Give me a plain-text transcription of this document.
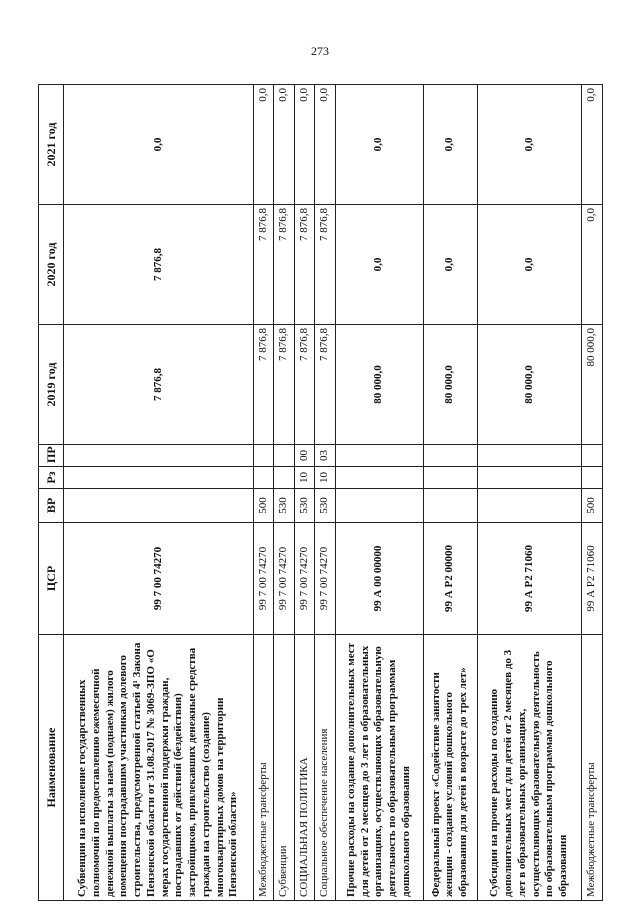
273
Наименование	ЦСР	ВР	Рз	ПР	2019 год	2020 год	2021 год
Субвенции на исполнение государственных полномочий по предоставлению ежемесячной денежной выплаты за наем (поднаем) жилого помещения пострадавшим участникам долевого строительства, предусмотренной статьей 4¹ Закона Пензенской области от 31.08.2017 № 3069-ЗПО «О мерах государственной поддержки граждан, пострадавших от действий (бездействия) застройщиков, привлекавших денежные средства граждан на строительство (создание) многоквартирных домов на территории Пензенской области»	99 7 00 74270				7 876,8	7 876,8	0,0
Межбюджетные трансферты	99 7 00 74270	500			7 876,8	7 876,8	0,0
Субвенции	99 7 00 74270	530			7 876,8	7 876,8	0,0
СОЦИАЛЬНАЯ ПОЛИТИКА	99 7 00 74270	530	10	00	7 876,8	7 876,8	0,0
Социальное обеспечение населения	99 7 00 74270	530	10	03	7 876,8	7 876,8	0,0
Прочие расходы на создание дополнительных мест для детей от 2 месяцев до 3 лет в образовательных организациях, осуществляющих образовательную деятельность по образовательным программам дошкольного образования	99 А 00 00000				80 000,0	0,0	0,0
Федеральный проект «Содействие занятости женщин - создание условий дошкольного образования для детей в возрасте до трех лет»	99 А P2 00000				80 000,0	0,0	0,0
Субсидии на прочие расходы по созданию дополнительных мест для детей от 2 месяцев до 3 лет в образовательных организациях, осуществляющих образовательную деятельность по образовательным программам дошкольного образования	99 А P2 71060				80 000,0	0,0	0,0
Межбюджетные трансферты	99 А P2 71060	500			80 000,0	0,0	0,0
